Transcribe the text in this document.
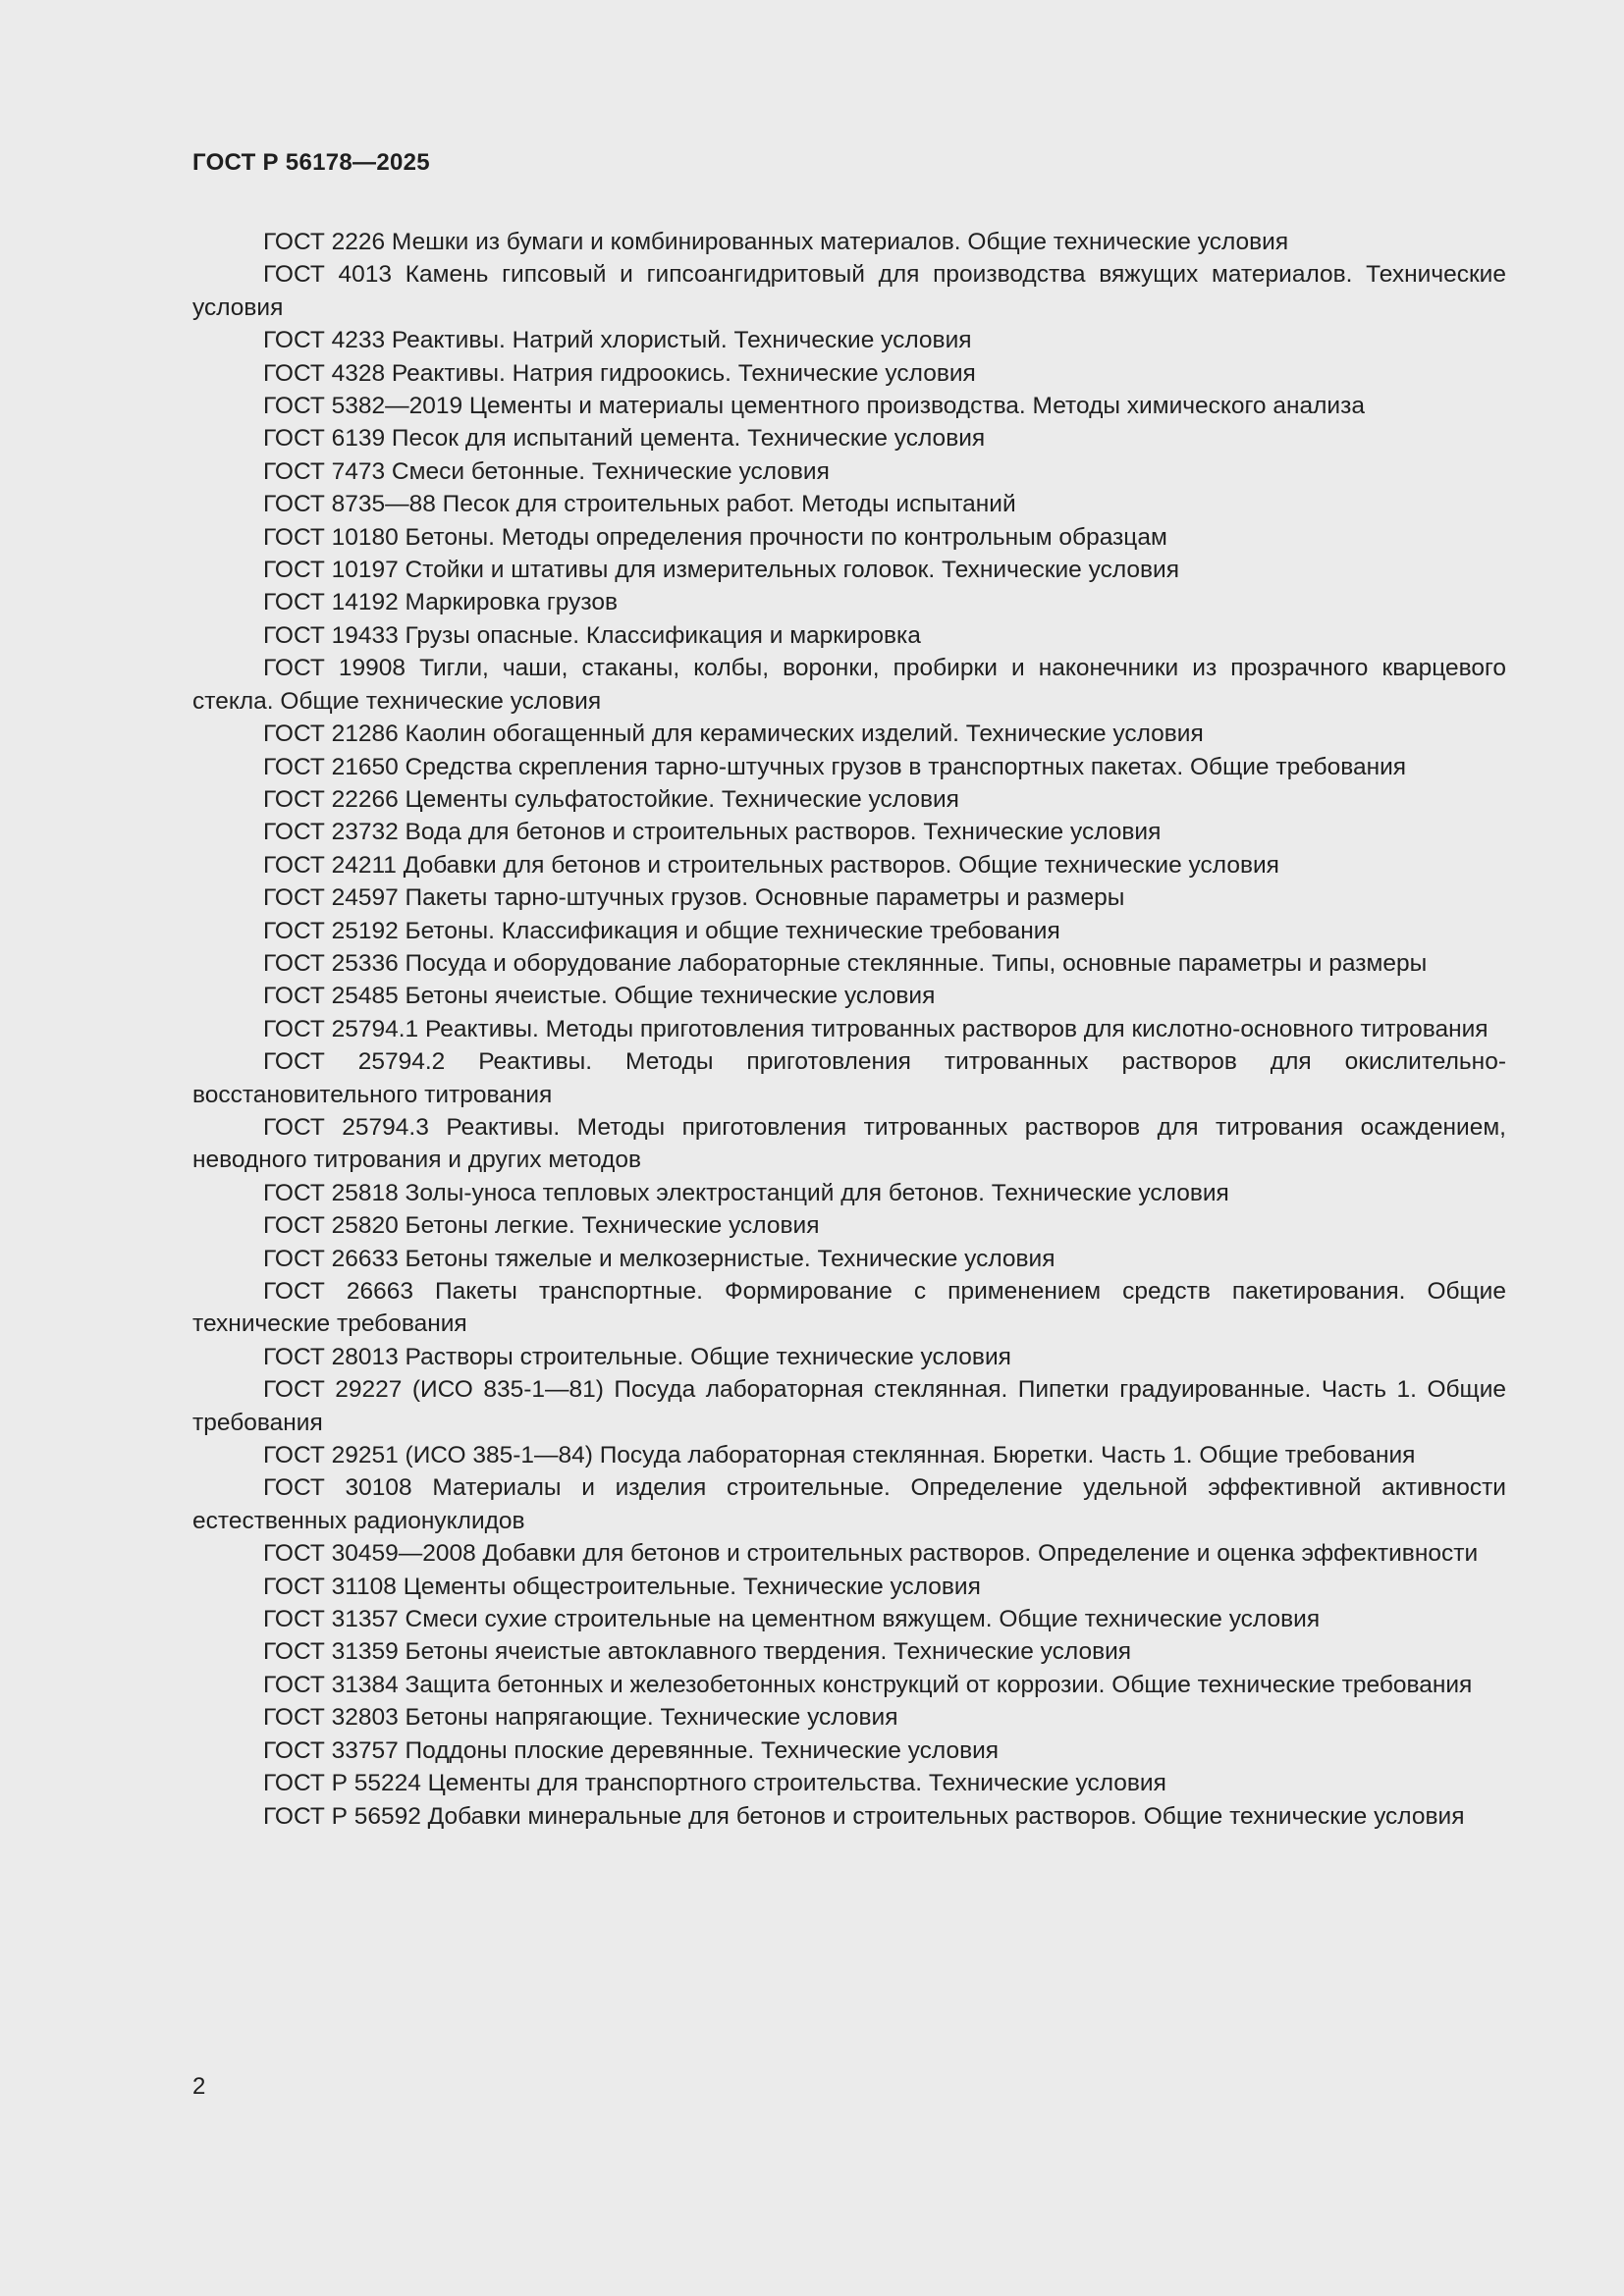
ГОСТ Р 56178—2025

ГОСТ 2226 Мешки из бумаги и комбинированных материалов. Общие технические условия

ГОСТ 4013 Камень гипсовый и гипсоангидритовый для производства вяжущих материалов. Технические условия

ГОСТ 4233 Реактивы. Натрий хлористый. Технические условия

ГОСТ 4328 Реактивы. Натрия гидроокись. Технические условия

ГОСТ 5382—2019 Цементы и материалы цементного производства. Методы химического анализа

ГОСТ 6139 Песок для испытаний цемента. Технические условия

ГОСТ 7473 Смеси бетонные. Технические условия

ГОСТ 8735—88 Песок для строительных работ. Методы испытаний

ГОСТ 10180 Бетоны. Методы определения прочности по контрольным образцам

ГОСТ 10197 Стойки и штативы для измерительных головок. Технические условия

ГОСТ 14192 Маркировка грузов

ГОСТ 19433 Грузы опасные. Классификация и маркировка

ГОСТ 19908 Тигли, чаши, стаканы, колбы, воронки, пробирки и наконечники из прозрачного кварцевого стекла. Общие технические условия

ГОСТ 21286 Каолин обогащенный для керамических изделий. Технические условия

ГОСТ 21650 Средства скрепления тарно-штучных грузов в транспортных пакетах. Общие требования

ГОСТ 22266 Цементы сульфатостойкие. Технические условия

ГОСТ 23732 Вода для бетонов и строительных растворов. Технические условия

ГОСТ 24211 Добавки для бетонов и строительных растворов. Общие технические условия

ГОСТ 24597 Пакеты тарно-штучных грузов. Основные параметры и размеры

ГОСТ 25192 Бетоны. Классификация и общие технические требования

ГОСТ 25336 Посуда и оборудование лабораторные стеклянные. Типы, основные параметры и размеры

ГОСТ 25485 Бетоны ячеистые. Общие технические условия

ГОСТ 25794.1 Реактивы. Методы приготовления титрованных растворов для кислотно-основного титрования

ГОСТ 25794.2 Реактивы. Методы приготовления титрованных растворов для окислительно-восстановительного титрования

ГОСТ 25794.3 Реактивы. Методы приготовления титрованных растворов для титрования осаждением, неводного титрования и других методов

ГОСТ 25818 Золы-уноса тепловых электростанций для бетонов. Технические условия

ГОСТ 25820 Бетоны легкие. Технические условия

ГОСТ 26633 Бетоны тяжелые и мелкозернистые. Технические условия

ГОСТ 26663 Пакеты транспортные. Формирование с применением средств пакетирования. Общие технические требования

ГОСТ 28013 Растворы строительные. Общие технические условия

ГОСТ 29227 (ИСО 835-1—81) Посуда лабораторная стеклянная. Пипетки градуированные. Часть 1. Общие требования

ГОСТ 29251 (ИСО 385-1—84) Посуда лабораторная стеклянная. Бюретки. Часть 1. Общие требования

ГОСТ 30108 Материалы и изделия строительные. Определение удельной эффективной активности естественных радионуклидов

ГОСТ 30459—2008 Добавки для бетонов и строительных растворов. Определение и оценка эффективности

ГОСТ 31108 Цементы общестроительные. Технические условия

ГОСТ 31357 Смеси сухие строительные на цементном вяжущем. Общие технические условия

ГОСТ 31359 Бетоны ячеистые автоклавного твердения. Технические условия

ГОСТ 31384 Защита бетонных и железобетонных конструкций от коррозии. Общие технические требования

ГОСТ 32803 Бетоны напрягающие. Технические условия

ГОСТ 33757 Поддоны плоские деревянные. Технические условия

ГОСТ Р 55224 Цементы для транспортного строительства. Технические условия

ГОСТ Р 56592 Добавки минеральные для бетонов и строительных растворов. Общие технические условия

2
